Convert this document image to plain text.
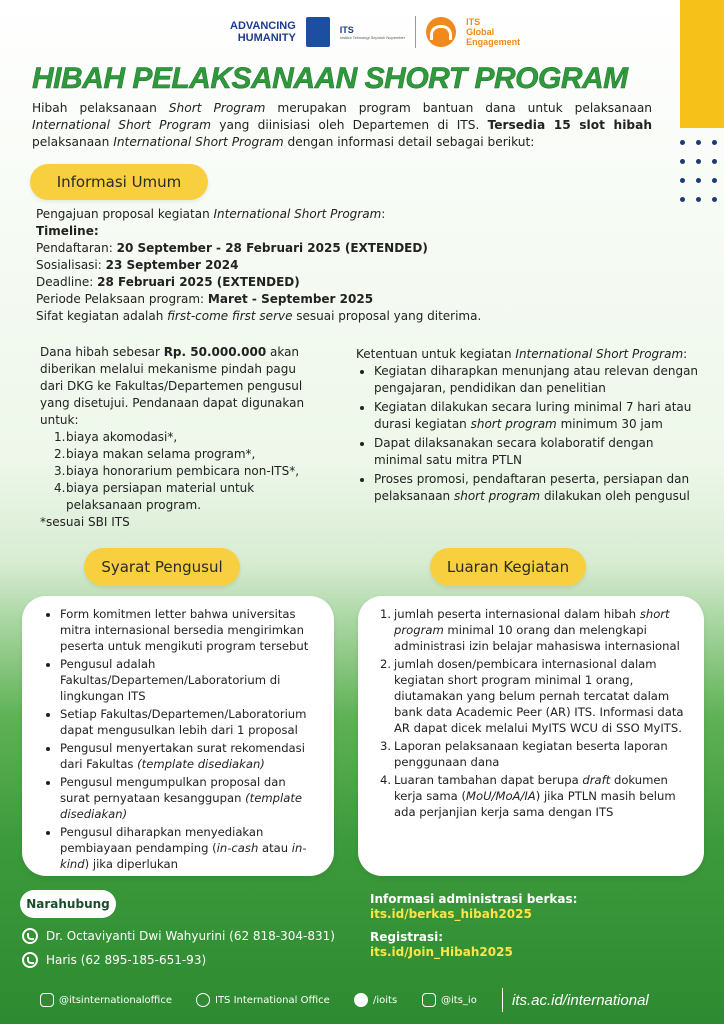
ADVANCING
HUMANITY
ITS
Institut Teknologi Sepuluh Nopember
ITS
Global
Engagement
HIBAH PELAKSANAAN SHORT PROGRAM

Hibah pelaksanaan Short Program merupakan program bantuan dana untuk pelaksanaan International Short Program yang diinisiasi oleh Departemen di ITS. Tersedia 15 slot hibah pelaksanaan International Short Program dengan informasi detail sebagai berikut:

Informasi Umum
Pengajuan proposal kegiatan International Short Program:
Timeline:
Pendaftaran: 20 September - 28 Februari 2025 (EXTENDED)
Sosialisasi: 23 September 2024
Deadline: 28 Februari 2025 (EXTENDED)
Periode Pelaksaan program: Maret - September 2025
Sifat kegiatan adalah first-come first serve sesuai proposal yang diterima.

Dana hibah sebesar Rp. 50.000.000 akan diberikan melalui mekanisme pindah pagu dari DKG ke Fakultas/Departemen pengusul yang disetujui. Pendanaan dapat digunakan untuk:

biaya akomodasi*,
biaya makan selama program*,
biaya honorarium pembicara non-ITS*,
biaya persiapan material untuk pelaksanaan program.

*sesuai SBI ITS

Ketentuan untuk kegiatan International Short Program:

• Kegiatan diharapkan menunjang atau relevan dengan pengajaran, pendidikan dan penelitian
• Kegiatan dilakukan secara luring minimal 7 hari atau durasi kegiatan short program minimum 30 jam
• Dapat dilaksanakan secara kolaboratif dengan minimal satu mitra PTLN
• Proses promosi, pendaftaran peserta, persiapan dan pelaksanaan short program dilakukan oleh pengusul
Syarat Pengusul	Luaran Kegiatan
• Form komitmen letter bahwa universitas mitra internasional bersedia mengirimkan peserta untuk mengikuti program tersebut
• Pengusul adalah Fakultas/Departemen/Laboratorium di lingkungan ITS
• Setiap Fakultas/Departemen/Laboratorium dapat mengusulkan lebih dari 1 proposal
• Pengusul menyertakan surat rekomendasi dari Fakultas (template disediakan)
• Pengusul mengumpulkan proposal dan surat pernyataan kesanggupan (template disediakan)
• Pengusul diharapkan menyediakan pembiayaan pendamping (in-cash atau in-kind) jika diperlukan
jumlah peserta internasional dalam hibah short program minimal 10 orang dan melengkapi administrasi izin belajar mahasiswa internasional
jumlah dosen/pembicara internasional dalam kegiatan short program minimal 1 orang, diutamakan yang belum pernah tercatat dalam bank data Academic Peer (AR) ITS. Informasi data AR dapat dicek melalui MyITS WCU di SSO MyITS.
Laporan pelaksanaan kegiatan beserta laporan penggunaan dana
Luaran tambahan dapat berupa draft dokumen kerja sama (MoU/MoA/IA) jika PTLN masih belum ada perjanjian kerja sama dengan ITS
Narahubung
Dr. Octaviyanti Dwi Wahyurini (62 818-304-831)
Haris (62 895-185-651-93)
Informasi administrasi berkas:
its.id/berkas_hibah2025
Registrasi:
its.id/Join_Hibah2025
@itsinternationaloffice	ITS International Office	/ioits	@its_io its.ac.id/international
